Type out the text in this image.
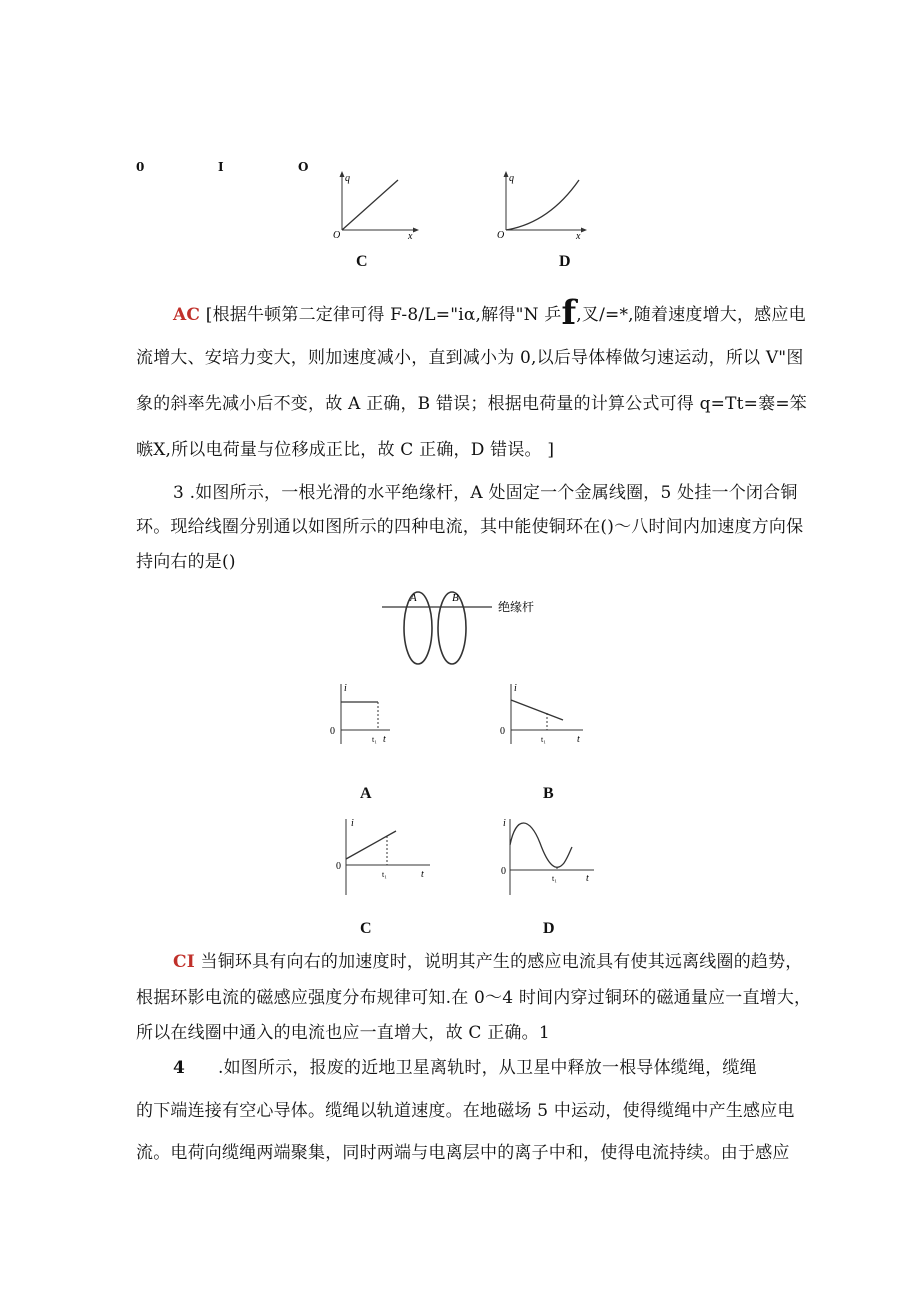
0	I	O
q
x
O
C
q
x
O
D
AC [根据牛顿第二定律可得 F-8/L="iα,解得"N 乒f,叉/=*,随着速度增大，感应电
流增大、安培力变大，则加速度减小，直到减小为 0,以后导体棒做匀速运动，所以 V"图
象的斜率先减小后不变，故 A 正确，B 错误；根据电荷量的计算公式可得 q=Tt=褰=笨
嗾X,所以电荷量与位移成正比，故 C 正确，D 错误。 ]
3 .如图所示，一根光滑的水平绝缘杆，A 处固定一个金属线圈，5 处挂一个闭合铜
环。现给线圈分别通以如图所示的四种电流，其中能使铜环在()〜八时间内加速度方向保
持向右的是()
A	B
绝缘杆
i
0
t₁ t
A
i
0
t₁	t
B
i
0
t₁	t
C
i
0
t₁	t
D
CI 当铜环具有向右的加速度时，说明其产生的感应电流具有使其远离线圈的趋势，
根据环影电流的磁感应强度分布规律可知.在 0〜4 时间内穿过铜环的磁通量应一直增大，
所以在线圈中通入的电流也应一直增大，故 C 正确。1
4 .如图所示，报废的近地卫星离轨时，从卫星中释放一根导体缆绳，缆绳
的下端连接有空心导体。缆绳以轨道速度。在地磁场 5 中运动，使得缆绳中产生感应电
流。电荷向缆绳两端聚集，同时两端与电离层中的离子中和，使得电流持续。由于感应
